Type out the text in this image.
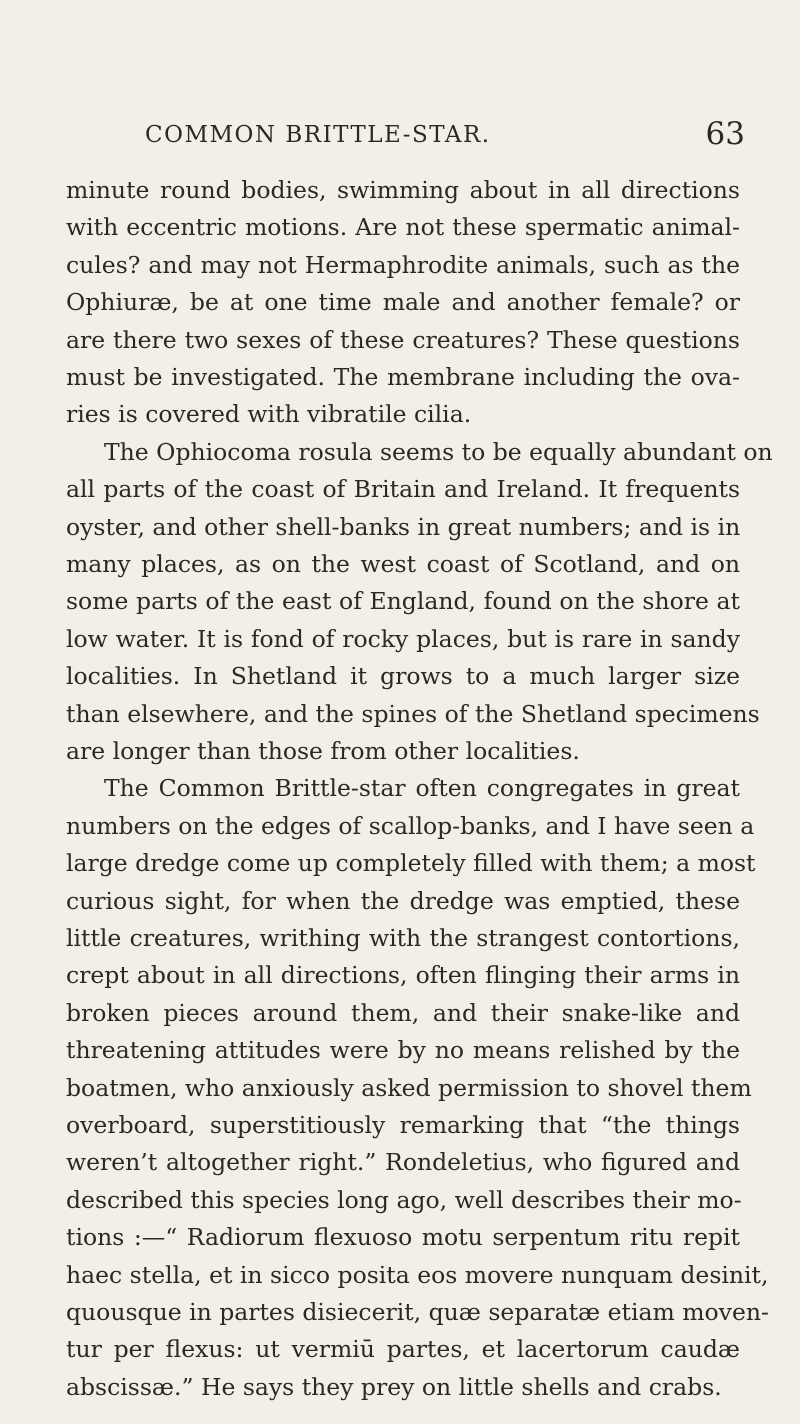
COMMON BRITTLE-STAR.	63
minute round bodies, swimming about in all directions
with eccentric motions. Are not these spermatic animal-
cules? and may not Hermaphrodite animals, such as the
Ophiuræ, be at one time male and another female? or
are there two sexes of these creatures? These questions
must be investigated. The membrane including the ova-
ries is covered with vibratile cilia.
The Ophiocoma rosula seems to be equally abundant on
all parts of the coast of Britain and Ireland. It frequents
oyster, and other shell-banks in great numbers; and is in
many places, as on the west coast of Scotland, and on
some parts of the east of England, found on the shore at
low water. It is fond of rocky places, but is rare in sandy
localities. In Shetland it grows to a much larger size
than elsewhere, and the spines of the Shetland specimens
are longer than those from other localities.
The Common Brittle-star often congregates in great
numbers on the edges of scallop-banks, and I have seen a
large dredge come up completely filled with them; a most
curious sight, for when the dredge was emptied, these
little creatures, writhing with the strangest contortions,
crept about in all directions, often flinging their arms in
broken pieces around them, and their snake-like and
threatening attitudes were by no means relished by the
boatmen, who anxiously asked permission to shovel them
overboard, superstitiously remarking that “the things
weren’t altogether right.” Rondeletius, who figured and
described this species long ago, well describes their mo-
tions :—“ Radiorum flexuoso motu serpentum ritu repit
haec stella, et in sicco posita eos movere nunquam desinit,
quousque in partes disiecerit, quæ separatæ etiam moven-
tur per flexus: ut vermiū partes, et lacertorum caudæ
abscissæ.” He says they prey on little shells and crabs.
